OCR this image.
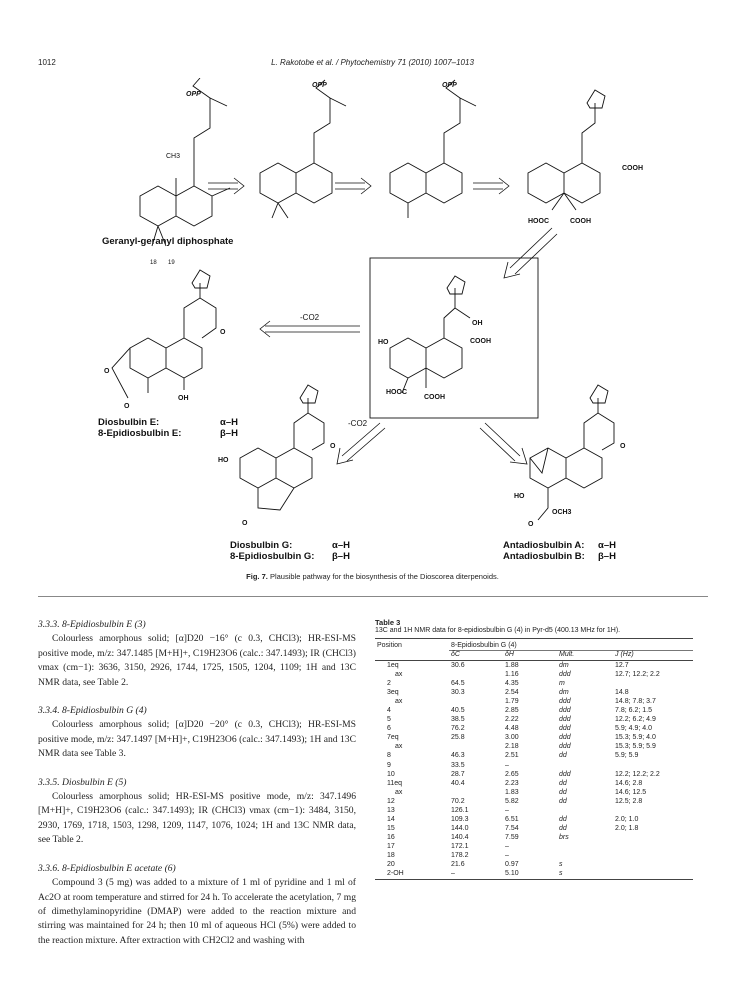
1012	L. Rakotobe et al. / Phytochemistry 71 (2010) 1007–1013
18 19
CH3
OPP
Geranyl-geranyl diphosphate
OPP	OPP
COOH
HOOC	COOH
OH
COOH
HO
HOOC
COOH
-CO2
O
O
O
OH
Diosbulbin E:
8-Epidiosbulbin E:
α–H
β–H
-CO2
HO
O
O
Diosbulbin G:
8-Epidiosbulbin G:
α–H
β–H
HO
O
OCH3
O
Antadiosbulbin A:
Antadiosbulbin B:
α–H
β–H
Fig. 7. Plausible pathway for the biosynthesis of the Dioscorea diterpenoids.
3.3.3. 8-Epidiosbulbin E (3)

Colourless amorphous solid; [α]D20 −16° (c 0.3, CHCl3); HR-ESI-MS positive mode, m/z: 347.1485 [M+H]+, C19H23O6 (calc.: 347.1493); IR (CHCl3) νmax (cm−1): 3636, 3150, 2926, 1744, 1725, 1505, 1204, 1109; 1H and 13C NMR data, see Table 2.

3.3.4. 8-Epidiosbulbin G (4)

Colourless amorphous solid; [α]D20 −20° (c 0.3, CHCl3); HR-ESI-MS positive mode, m/z: 347.1497 [M+H]+, C19H23O6 (calc.: 347.1493); 1H and 13C NMR data see Table 3.

3.3.5. Diosbulbin E (5)

Colourless amorphous solid; HR-ESI-MS positive mode, m/z: 347.1496 [M+H]+, C19H23O6 (calc.: 347.1493); IR (CHCl3) νmax (cm−1): 3484, 3150, 2930, 1769, 1718, 1503, 1298, 1209, 1147, 1076, 1024; 1H and 13C NMR data, see Table 2.

3.3.6. 8-Epidiosbulbin E acetate (6)

Compound 3 (5 mg) was added to a mixture of 1 ml of pyridine and 1 ml of Ac2O at room temperature and stirred for 24 h. To accelerate the acetylation, 7 mg of dimethylaminopyridine (DMAP) were added to the reaction mixture and stirring was maintained for 24 h; then 10 ml of aqueous HCl (5%) were added to the reaction mixture. After extraction with CH2Cl2 and washing with

Table 3
13C and 1H NMR data for 8-epidiosbulbin G (4) in Pyr-d5 (400.13 MHz for 1H).
Position	8-Epidiosbulbin G (4)			
	δC	δH	Mult.	J (Hz)
1eq	30.6	1.88	dm	12.7
ax		1.16	ddd	12.7; 12.2; 2.2
2	64.5	4.35	m	
3eq	30.3	2.54	dm	14.8
ax		1.79	ddd	14.8; 7.8; 3.7
4	40.5	2.85	ddd	7.8; 6.2; 1.5
5	38.5	2.22	ddd	12.2; 6.2; 4.9
6	76.2	4.48	ddd	5.9; 4.9; 4.0
7eq	25.8	3.00	ddd	15.3; 5.9; 4.0
ax		2.18	ddd	15.3; 5.9; 5.9
8	46.3	2.51	dd	5.9; 5.9
9	33.5	–		
10	28.7	2.65	ddd	12.2; 12.2; 2.2
11eq	40.4	2.23	dd	14.6; 2.8
ax		1.83	dd	14.6; 12.5
12	70.2	5.82	dd	12.5; 2.8
13	126.1	–		
14	109.3	6.51	dd	2.0; 1.0
15	144.0	7.54	dd	2.0; 1.8
16	140.4	7.59	brs	
17	172.1	–		
18	178.2	–		
20	21.6	0.97	s	
2-OH	–	5.10	s	
